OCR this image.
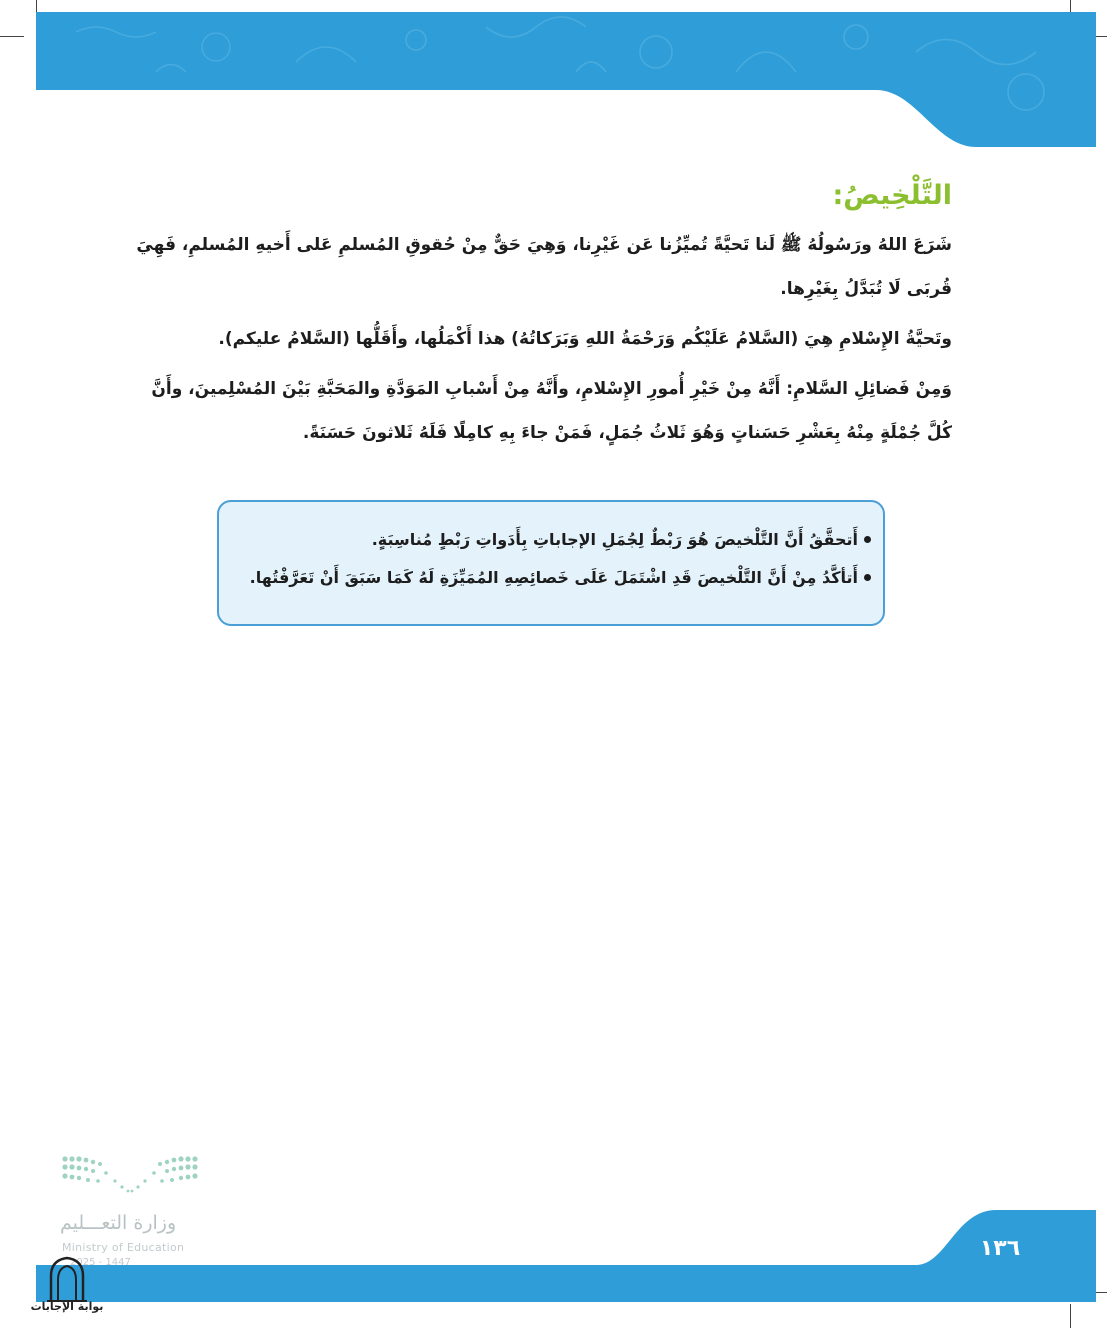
التَّلْخِيصُ:

شَرَعَ اللهُ ورَسُولُهُ ﷺ لَنا تَحيَّةً تُميِّزُنا عَن غَيْرِنا، وَهِيَ حَقٌّ مِنْ حُقوقِ المُسلمِ عَلى أَخيهِ المُسلمِ، فَهِيَ قُربَى لَا تُبَدَّلُ بِغَيْرِها.

وتَحيَّةُ الإِسْلامِ هِيَ (السَّلامُ عَلَيْكُم وَرَحْمَةُ اللهِ وَبَرَكاتُهُ) هذا أَكْمَلُها، وأَقَلُّها (السَّلامُ عليكم).

وَمِنْ فَضائِلِ السَّلامِ: أَنَّهُ مِنْ خَيْرِ أُمورِ الإِسْلامِ، وأَنَّهُ مِنْ أَسْبابِ المَوَدَّةِ والمَحَبَّةِ بَيْنَ المُسْلِمينَ، وأَنَّ كُلَّ جُمْلَةٍ مِنْهُ بِعَشْرِ حَسَناتٍ وَهُوَ ثَلاثُ جُمَلٍ، فَمَنْ جاءَ بِهِ كامِلًا فَلَهُ ثَلاثونَ حَسَنَةً.

أَتحقَّقُ أَنَّ التَّلْخيصَ هُوَ رَبْطٌ لِجُمَلِ الإجاباتِ بِأَدَواتِ رَبْطٍ مُناسِبَةٍ.
أَتأكَّدُ مِنْ أَنَّ التَّلْخيصَ قَدِ اشْتَمَلَ عَلَى خَصائِصِهِ المُمَيِّزَةِ لَهُ كَمَا سَبَقَ أَنْ تَعَرَّفْتُها.
١٣٦
وزارة التعـــليم
Ministry of Education
2025 - 1447
بوابة الإجابات
